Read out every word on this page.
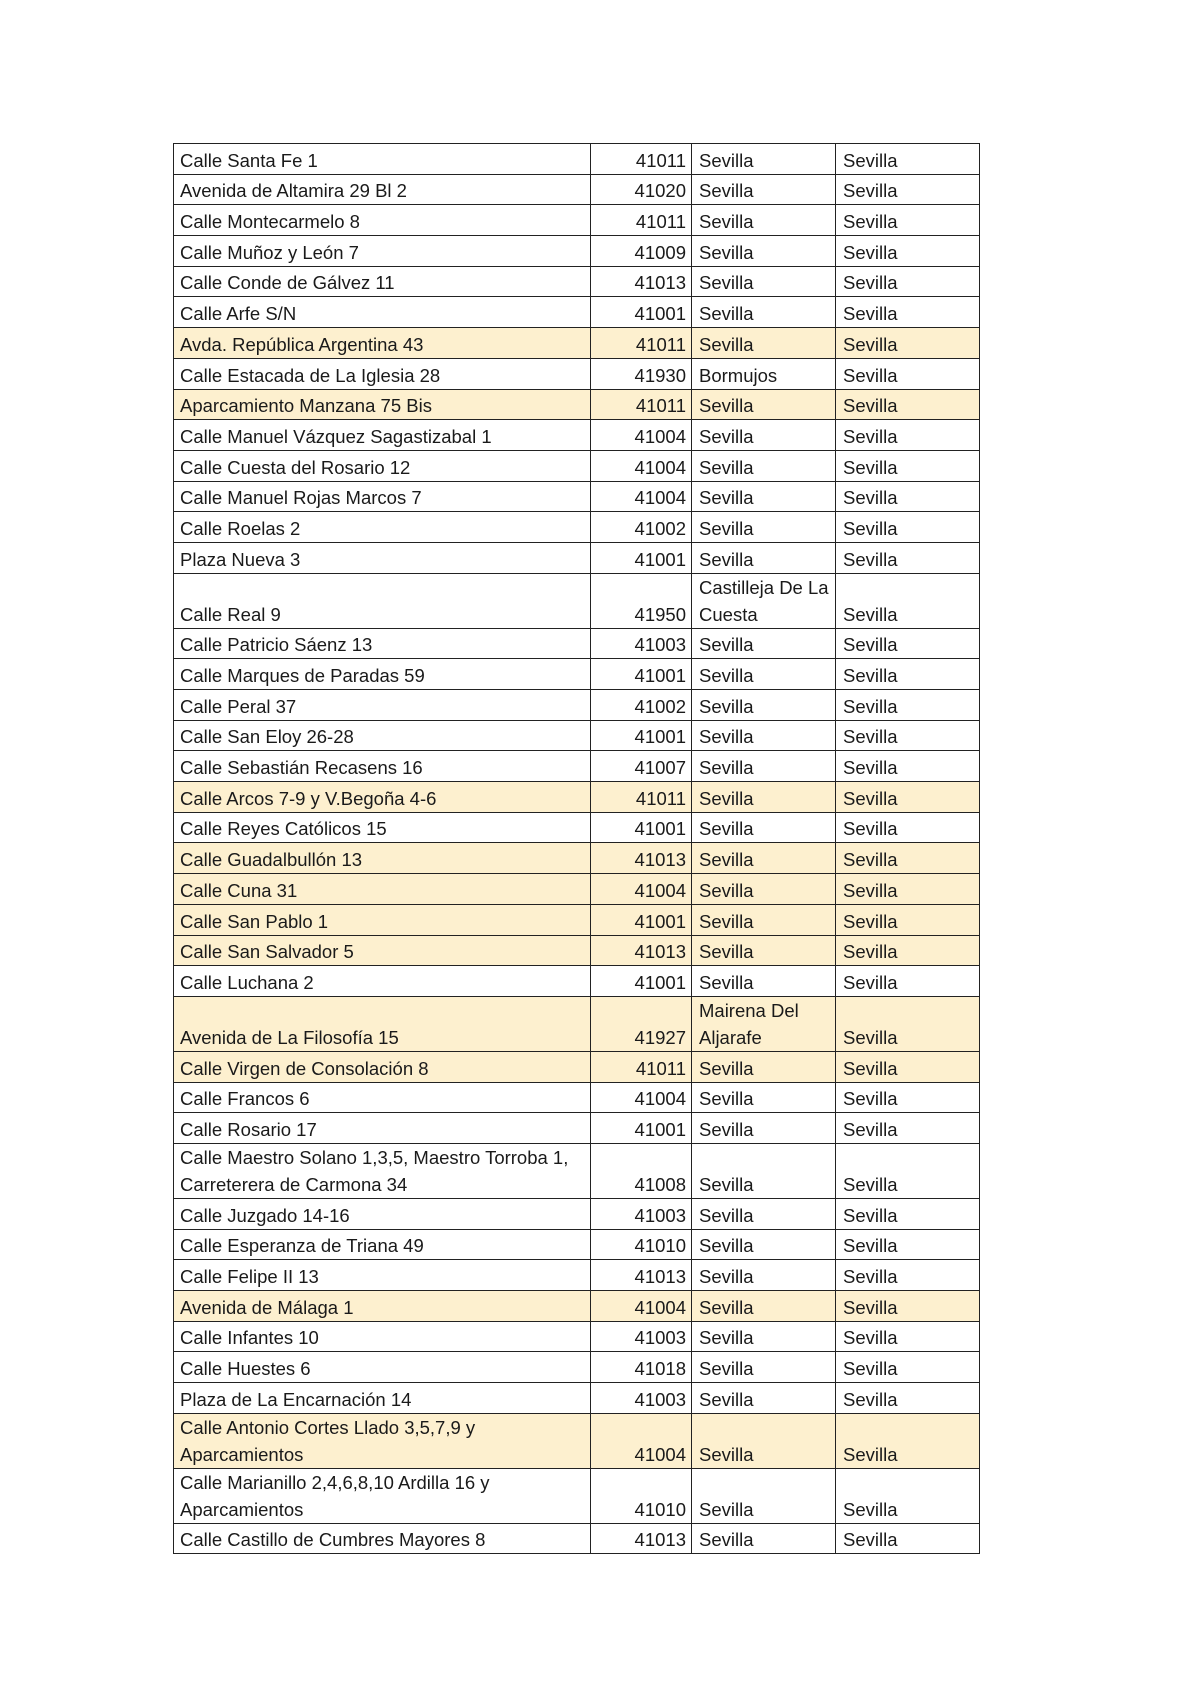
Calle Santa Fe 1	41011	Sevilla	Sevilla
Avenida de Altamira 29 Bl 2	41020	Sevilla	Sevilla
Calle Montecarmelo 8	41011	Sevilla	Sevilla
Calle Muñoz y León 7	41009	Sevilla	Sevilla
Calle Conde de Gálvez 11	41013	Sevilla	Sevilla
Calle Arfe S/N	41001	Sevilla	Sevilla
Avda. República Argentina 43	41011	Sevilla	Sevilla
Calle Estacada de La Iglesia 28	41930	Bormujos	Sevilla
Aparcamiento Manzana 75 Bis	41011	Sevilla	Sevilla
Calle Manuel Vázquez Sagastizabal 1	41004	Sevilla	Sevilla
Calle Cuesta del Rosario 12	41004	Sevilla	Sevilla
Calle Manuel Rojas Marcos 7	41004	Sevilla	Sevilla
Calle Roelas 2	41002	Sevilla	Sevilla
Plaza Nueva 3	41001	Sevilla	Sevilla
Calle Real 9	41950	Castilleja De La Cuesta	Sevilla
Calle Patricio Sáenz 13	41003	Sevilla	Sevilla
Calle Marques de Paradas 59	41001	Sevilla	Sevilla
Calle Peral 37	41002	Sevilla	Sevilla
Calle San Eloy 26-28	41001	Sevilla	Sevilla
Calle Sebastián Recasens 16	41007	Sevilla	Sevilla
Calle Arcos 7-9 y V.Begoña 4-6	41011	Sevilla	Sevilla
Calle Reyes Católicos 15	41001	Sevilla	Sevilla
Calle Guadalbullón 13	41013	Sevilla	Sevilla
Calle Cuna 31	41004	Sevilla	Sevilla
Calle San Pablo 1	41001	Sevilla	Sevilla
Calle San Salvador 5	41013	Sevilla	Sevilla
Calle Luchana 2	41001	Sevilla	Sevilla
Avenida de La Filosofía 15	41927	Mairena Del Aljarafe	Sevilla
Calle Virgen de Consolación 8	41011	Sevilla	Sevilla
Calle Francos 6	41004	Sevilla	Sevilla
Calle Rosario 17	41001	Sevilla	Sevilla
Calle Maestro Solano 1,3,5, Maestro Torroba 1, Carreterera de Carmona 34	41008	Sevilla	Sevilla
Calle Juzgado 14-16	41003	Sevilla	Sevilla
Calle Esperanza de Triana 49	41010	Sevilla	Sevilla
Calle Felipe II 13	41013	Sevilla	Sevilla
Avenida de Málaga 1	41004	Sevilla	Sevilla
Calle Infantes 10	41003	Sevilla	Sevilla
Calle Huestes 6	41018	Sevilla	Sevilla
Plaza de La Encarnación 14	41003	Sevilla	Sevilla
Calle Antonio Cortes Llado 3,5,7,9 y Aparcamientos	41004	Sevilla	Sevilla
Calle Marianillo 2,4,6,8,10 Ardilla 16 y Aparcamientos	41010	Sevilla	Sevilla
Calle Castillo de Cumbres Mayores 8	41013	Sevilla	Sevilla
